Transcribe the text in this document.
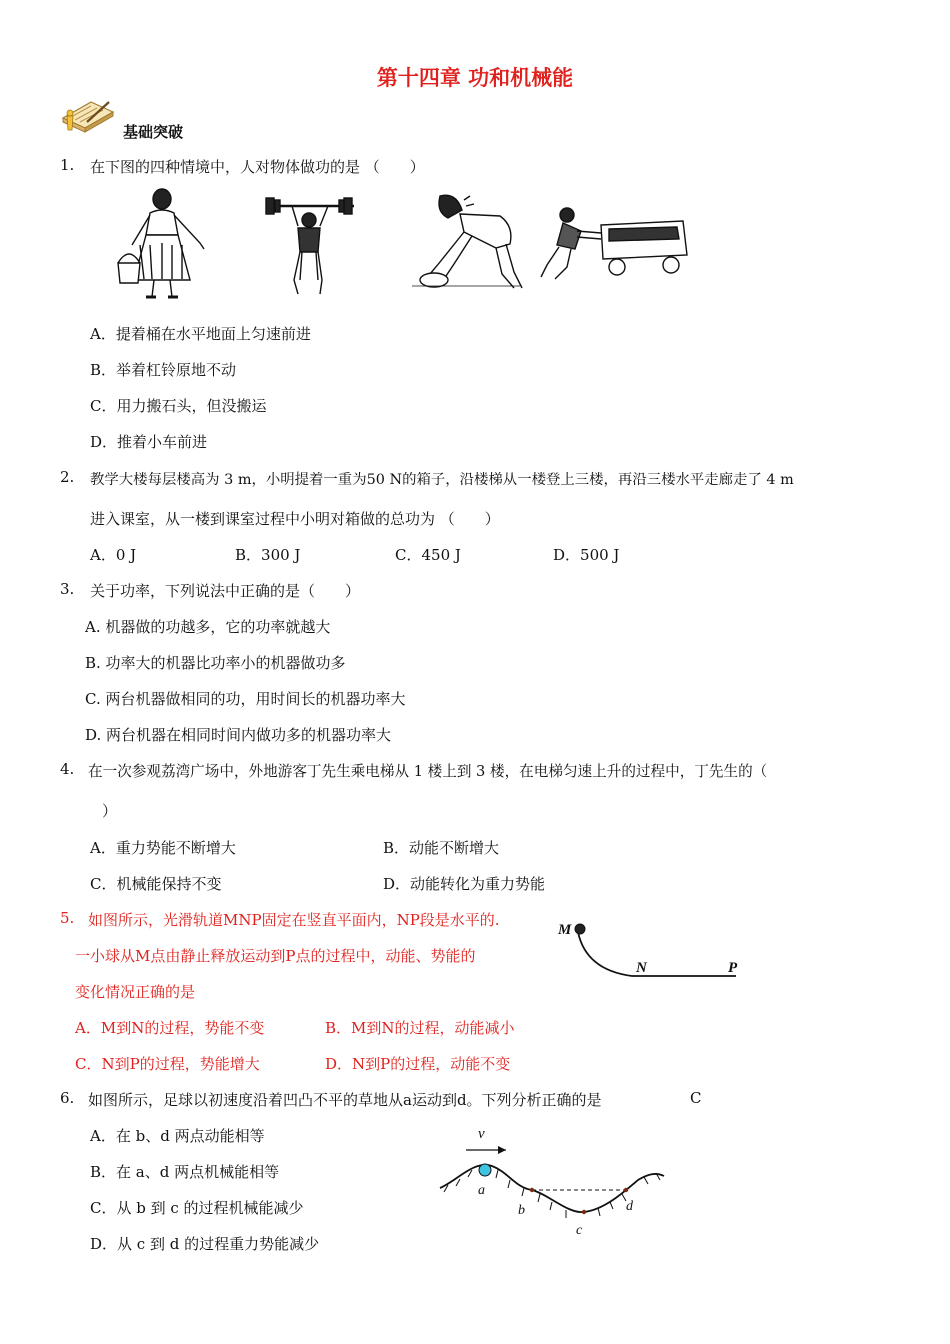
第十四章 功和机械能
基础突破
1. 在下图的四种情境中，人对物体做功的是 （　　）
A．提着桶在水平地面上匀速前进
B．举着杠铃原地不动
C．用力搬石头，但没搬运
D．推着小车前进
2. 教学大楼每层楼高为 3 m，小明提着一重为50 N的箱子，沿楼梯从一楼登上三楼，再沿三楼水平走廊走了 4 m
进入课室，从一楼到课室过程中小明对箱做的总功为 （　　）
A．0 J	B．300 J	C．450 J	D．500 J
3. 关于功率，下列说法中正确的是（　　）
A. 机器做的功越多，它的功率就越大
B. 功率大的机器比功率小的机器做功多
C. 两台机器做相同的功，用时间长的机器功率大
D. 两台机器在相同时间内做功多的机器功率大
4. 在一次参观荔湾广场中，外地游客丁先生乘电梯从 1 楼上到 3 楼，在电梯匀速上升的过程中，丁先生的（
）
A．重力势能不断增大	B．动能不断增大
C．机械能保持不变	D．动能转化为重力势能
5. 如图所示，光滑轨道MNP固定在竖直平面内，NP段是水平的.
一小球从M点由静止释放运动到P点的过程中，动能、势能的
变化情况正确的是
A．M到N的过程，势能不变	B．M到N的过程，动能减小
C．N到P的过程，势能增大	D．N到P的过程，动能不变
M
N	P
6. 如图所示，足球以初速度沿着凹凸不平的草地从a运动到d。下列分析正确的是	C
A．在 b、d 两点动能相等
B．在 a、d 两点机械能相等
C．从 b 到 c 的过程机械能减少
D．从 c 到 d 的过程重力势能减少
v
a
b
c
d
